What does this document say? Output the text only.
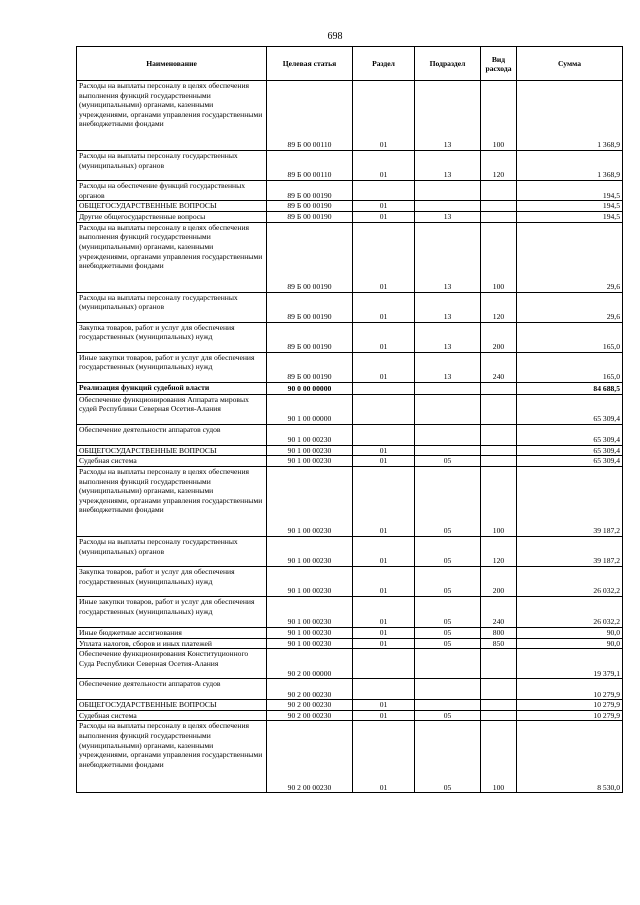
698
Наименование	Целевая статья	Раздел	Подраздел	Вид расхода	Сумма
Расходы на выплаты персоналу в целях обеспечения выполнения функций государственными (муниципальными) органами, казенными учреждениями, органами управления государственными внебюджетными фондами	89 Б 00 00110	01	13	100	1 368,9
Расходы на выплаты персоналу государственных (муниципальных) органов	89 Б 00 00110	01	13	120	1 368,9
Расходы на обеспечение функций государственных органов	89 Б 00 00190				194,5
ОБЩЕГОСУДАРСТВЕННЫЕ ВОПРОСЫ	89 Б 00 00190	01			194,5
Другие общегосударственные вопросы	89 Б 00 00190	01	13		194,5
Расходы на выплаты персоналу в целях обеспечения выполнения функций государственными (муниципальными) органами, казенными учреждениями, органами управления государственными внебюджетными фондами	89 Б 00 00190	01	13	100	29,6
Расходы на выплаты персоналу государственных (муниципальных) органов	89 Б 00 00190	01	13	120	29,6
Закупка товаров, работ и услуг для обеспечения государственных (муниципальных) нужд	89 Б 00 00190	01	13	200	165,0
Иные закупки товаров, работ и услуг для обеспечения государственных (муниципальных) нужд	89 Б 00 00190	01	13	240	165,0
Реализация функций судебной власти	90 0 00 00000				84 688,5
Обеспечение функционирования Аппарата мировых судей Республики Северная Осетия-Алания	90 1 00 00000				65 309,4
Обеспечение деятельности аппаратов судов	90 1 00 00230				65 309,4
ОБЩЕГОСУДАРСТВЕННЫЕ ВОПРОСЫ	90 1 00 00230	01			65 309,4
Судебная система	90 1 00 00230	01	05		65 309,4
Расходы на выплаты персоналу в целях обеспечения выполнения функций государственными (муниципальными) органами, казенными учреждениями, органами управления государственными внебюджетными фондами	90 1 00 00230	01	05	100	39 187,2
Расходы на выплаты персоналу государственных (муниципальных) органов	90 1 00 00230	01	05	120	39 187,2
Закупка товаров, работ и услуг для обеспечения государственных (муниципальных) нужд	90 1 00 00230	01	05	200	26 032,2
Иные закупки товаров, работ и услуг для обеспечения государственных (муниципальных) нужд	90 1 00 00230	01	05	240	26 032,2
Иные бюджетные ассигнования	90 1 00 00230	01	05	800	90,0
Уплата налогов, сборов и иных платежей	90 1 00 00230	01	05	850	90,0
Обеспечение функционирования Конституционного Суда Республики Северная Осетия-Алания	90 2 00 00000				19 379,1
Обеспечение деятельности аппаратов судов	90 2 00 00230				10 279,9
ОБЩЕГОСУДАРСТВЕННЫЕ ВОПРОСЫ	90 2 00 00230	01			10 279,9
Судебная система	90 2 00 00230	01	05		10 279,9
Расходы на выплаты персоналу в целях обеспечения выполнения функций государственными (муниципальными) органами, казенными учреждениями, органами управления государственными внебюджетными фондами	90 2 00 00230	01	05	100	8 530,0
